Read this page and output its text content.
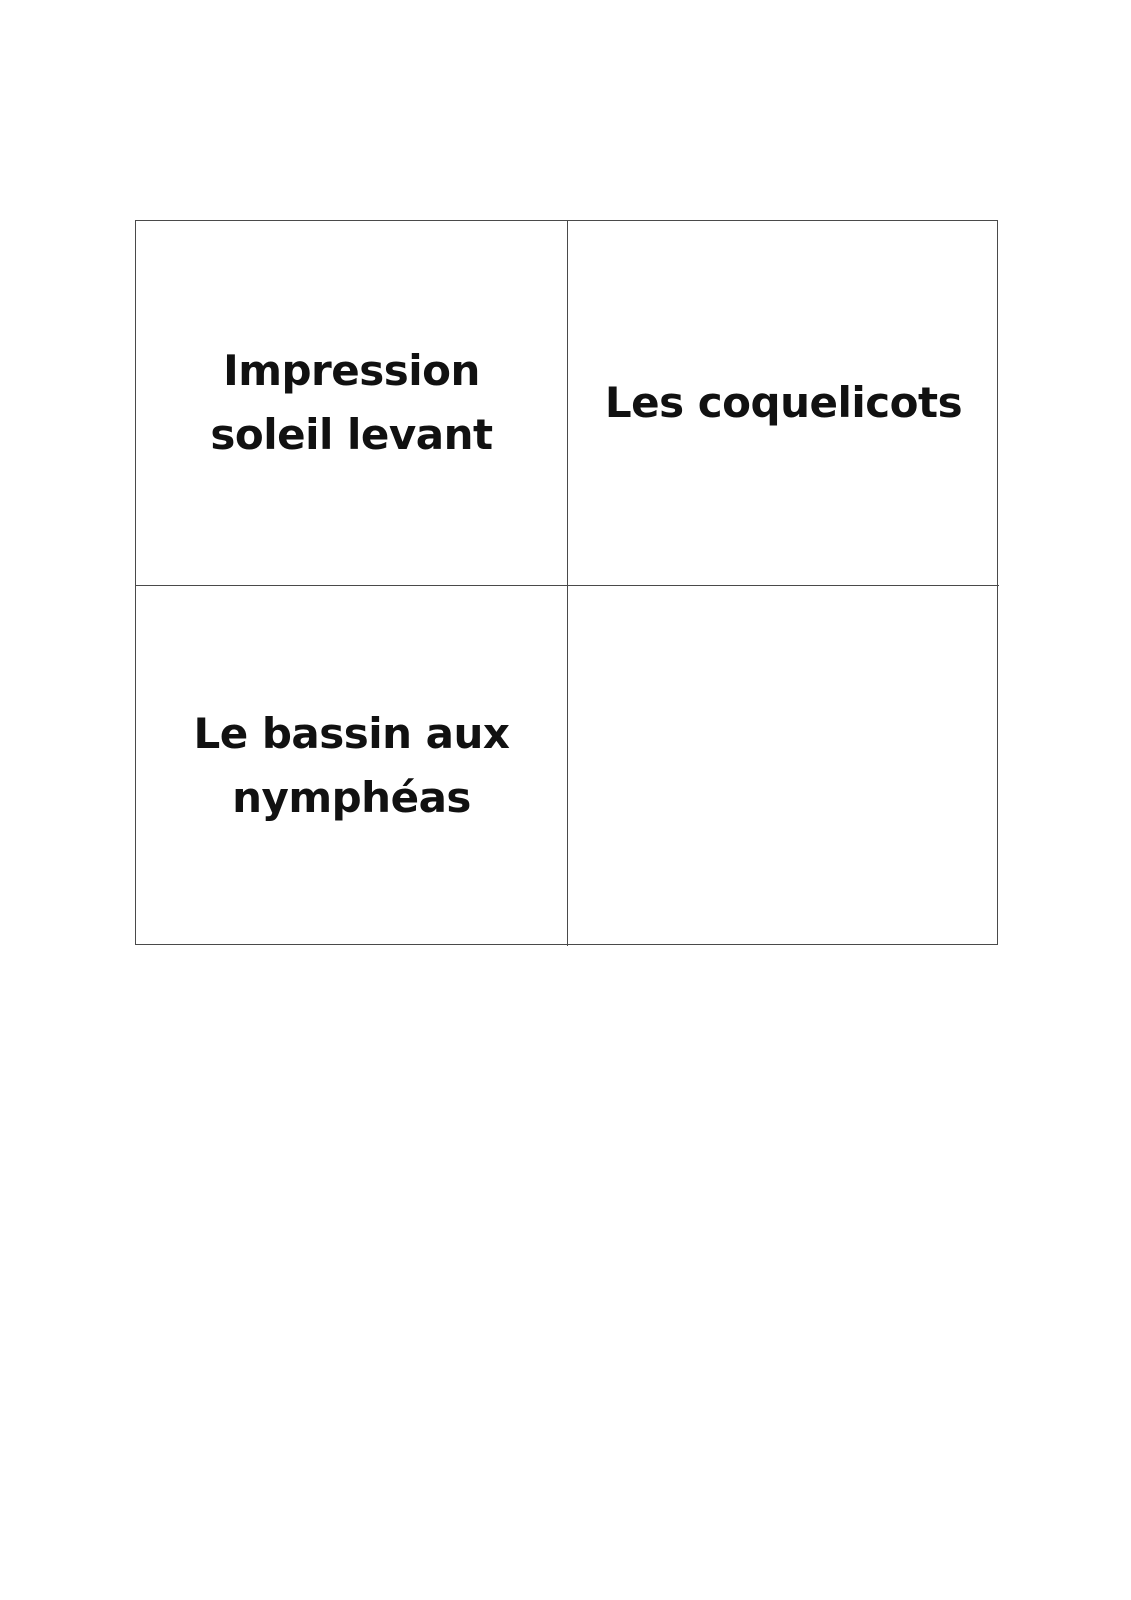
Impression soleil levant
Les coquelicots
Le bassin aux nymphéas
